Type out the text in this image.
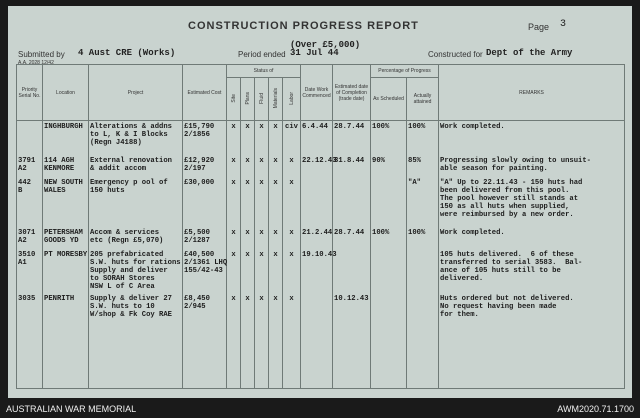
CONSTRUCTION PROGRESS REPORT	Page 3
Submitted by 4 Aust CRE (Works)
A.A. 2028 12/42
Period ended
(Over £5,000)
31 Jul 44	Constructed for Dept of the Army
Priority Serial No.	Location	Project	Estimated Cost	Status of					Date Work Commenced	Estimated date of Completion (trade date)	Percentage of Progress		REMARKS
				Site	Plans	Fluid	Materials	Labor			As Scheduled	Actually attained	
	INGHBURGH	Alterations & addns
to L, K & I Blocks
(Regn J4188)	£15,790
2/1856	x	x	x	x	civ	6.4.44	28.7.44	100%	100%	Work completed.
3791
A2	114 AGH
KENMORE	External renovation
& addit accom	£12,920
2/197	x	x	x	x	x	22.12.43	31.8.44	90%	85%	Progressing slowly owing to unsuit-
able season for painting.
442
B	NEW SOUTH
WALES	Emergency p ool of
150 huts	£30,000	x	x	x	x	x				"A"	"A" Up to 22.11.43 - 150 huts had
been delivered from this pool.
The pool however still stands at
150 as all huts when supplied,
were reimbursed by a new order.
3071
A2	PETERSHAM
GOODS YD	Accom & services
etc (Regn £5,070)	£5,500
2/1287	x	x	x	x	x	21.2.44	28.7.44	100%	100%	Work completed.
3510
A1	PT MORESBY	205 prefabricated
S.W. huts for rations
Supply and deliver
to SORAH Stores
NSW L of C Area	£40,500
2/1361 LHQ
155/42-43	x	x	x	x	x	19.10.43				105 huts delivered.  6 of these
transferred to serial 3583.  Bal-
ance of 105 huts still to be
delivered.
3035	PENRITH	Supply & deliver 27
S.W. huts to 10
W/shop & Fk Coy RAE	£8,450
2/945	x	x	x	x	x		10.12.43			Huts ordered but not delivered.
No request having been made
for them.
AUSTRALIAN WAR MEMORIAL	AWM2020.71.1700
